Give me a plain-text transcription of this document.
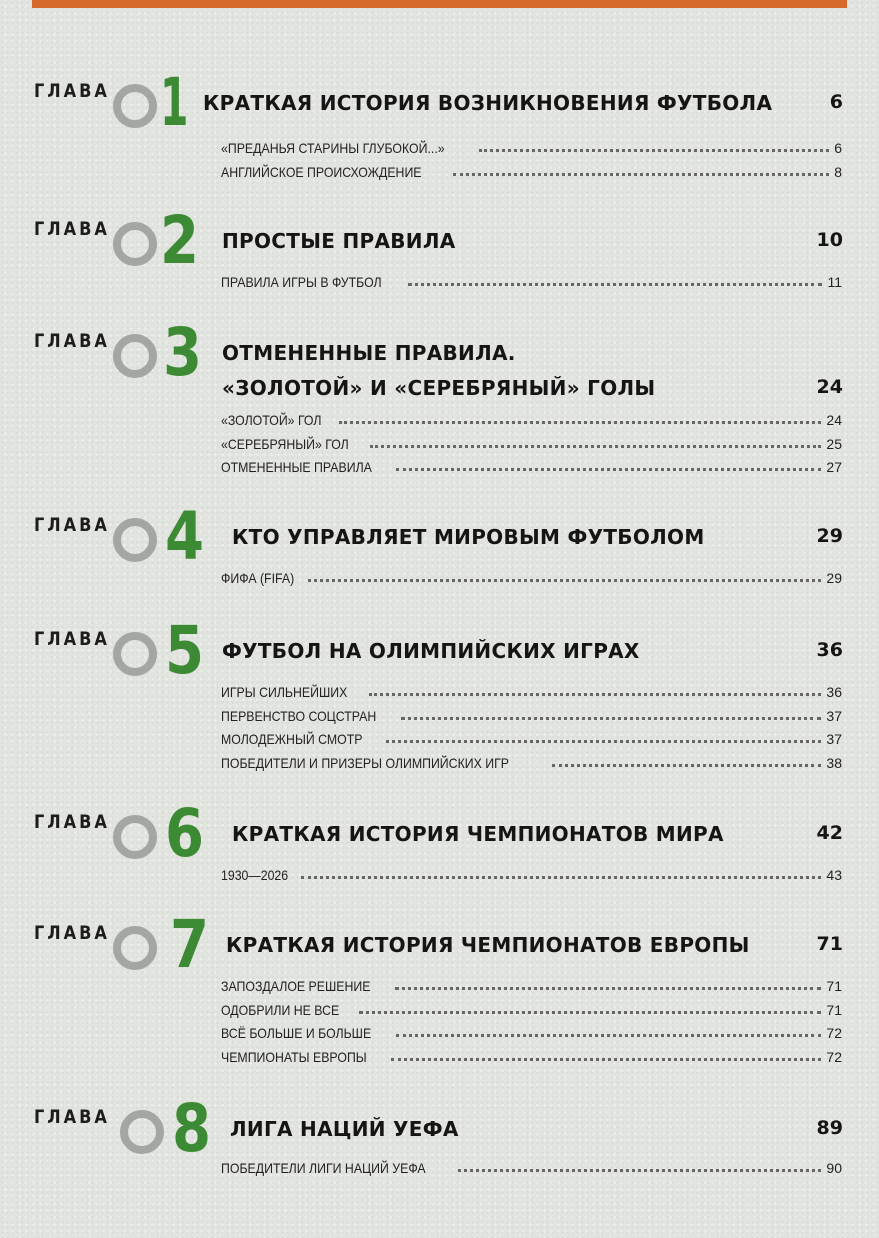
ГЛАВА 1 КРАТКАЯ ИСТОРИЯ ВОЗНИКНОВЕНИЯ ФУТБОЛА	6
«ПРЕДАНЬЯ СТАРИНЫ ГЛУБОКОЙ...»	6
АНГЛИЙСКОЕ ПРОИСХОЖДЕНИЕ	8
ГЛАВА 2 ПРОСТЫЕ ПРАВИЛА	10
ПРАВИЛА ИГРЫ В ФУТБОЛ	11
ГЛАВА 3 ОТМЕНЕННЫЕ ПРАВИЛА.
«ЗОЛОТОЙ» И «СЕРЕБРЯНЫЙ» ГОЛЫ	24
«ЗОЛОТОЙ» ГОЛ	24
«СЕРЕБРЯНЫЙ» ГОЛ	25
ОТМЕНЕННЫЕ ПРАВИЛА	27
ГЛАВА 4 КТО УПРАВЛЯЕТ МИРОВЫМ ФУТБОЛОМ	29
ФИФА (FIFA)	29
ГЛАВА 5 ФУТБОЛ НА ОЛИМПИЙСКИХ ИГРАХ	36
ИГРЫ СИЛЬНЕЙШИХ	36
ПЕРВЕНСТВО СОЦСТРАН	37
МОЛОДЕЖНЫЙ СМОТР	37
ПОБЕДИТЕЛИ И ПРИЗЕРЫ ОЛИМПИЙСКИХ ИГР	38
ГЛАВА 6 КРАТКАЯ ИСТОРИЯ ЧЕМПИОНАТОВ МИРА	42
1930—2026	43
ГЛАВА 7 КРАТКАЯ ИСТОРИЯ ЧЕМПИОНАТОВ ЕВРОПЫ	71
ЗАПОЗДАЛОЕ РЕШЕНИЕ	71
ОДОБРИЛИ НЕ ВСЕ	71
ВСЁ БОЛЬШЕ И БОЛЬШЕ	72
ЧЕМПИОНАТЫ ЕВРОПЫ	72
ГЛАВА 8 ЛИГА НАЦИЙ УЕФА	89
ПОБЕДИТЕЛИ ЛИГИ НАЦИЙ УЕФА	90
